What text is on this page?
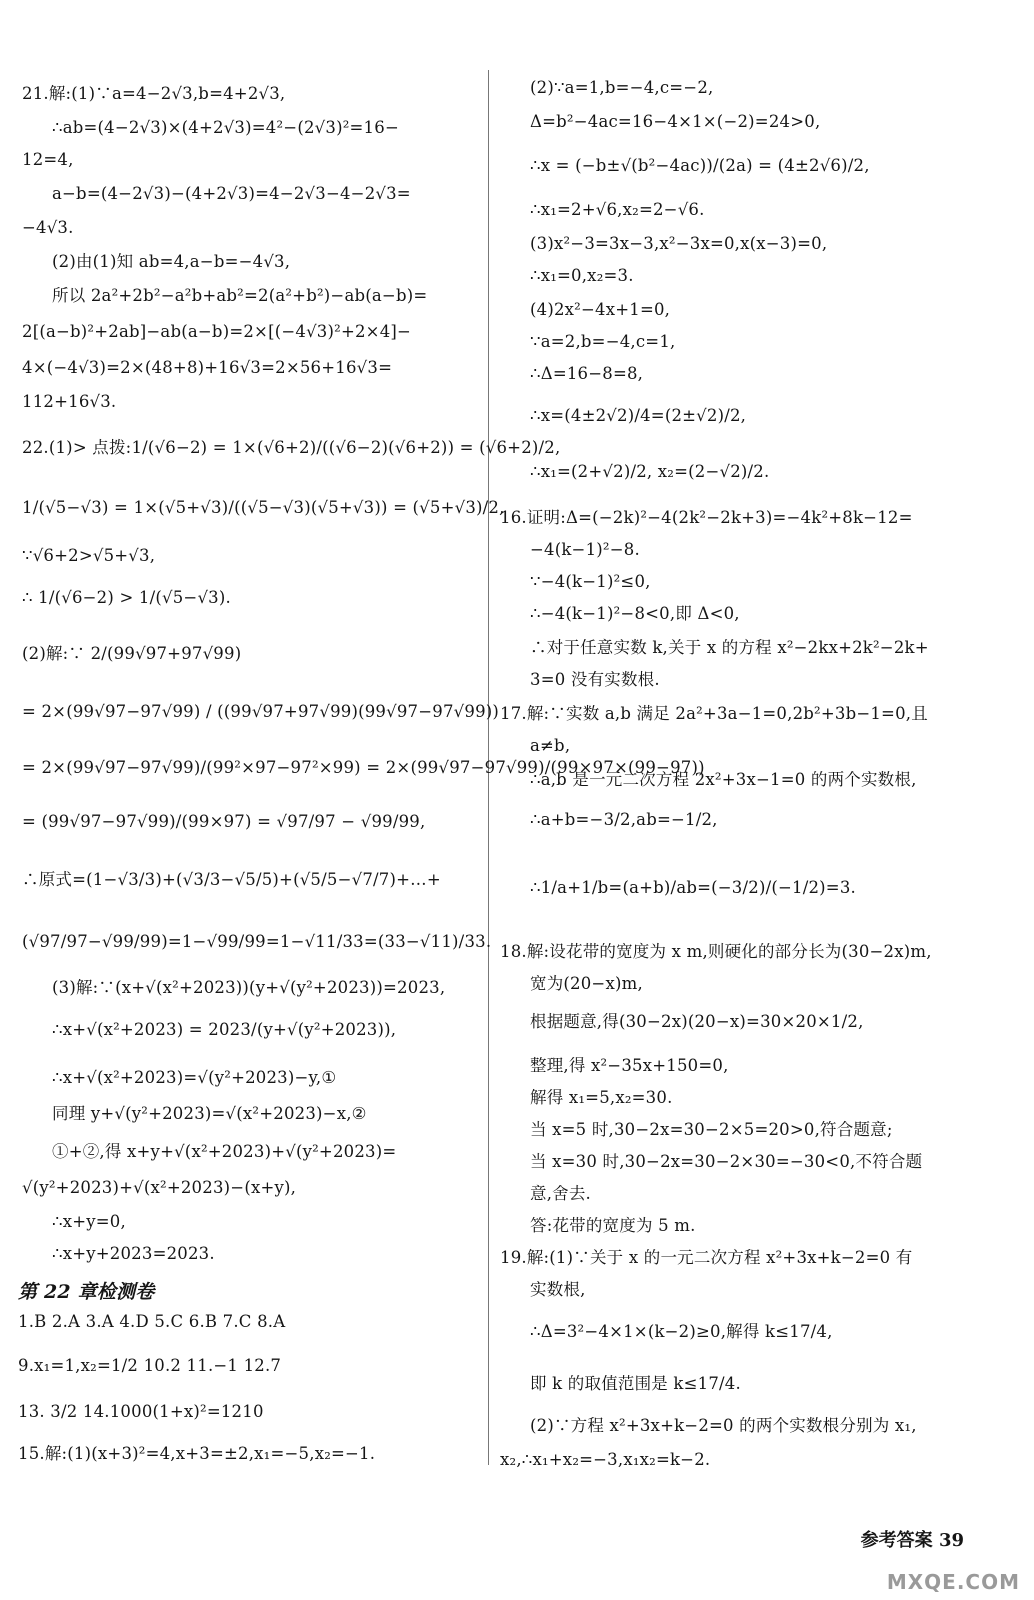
21.解:(1)∵a=4−2√3,b=4+2√3,
∴ab=(4−2√3)×(4+2√3)=4²−(2√3)²=16−
12=4,
a−b=(4−2√3)−(4+2√3)=4−2√3−4−2√3=
−4√3.
(2)由(1)知 ab=4,a−b=−4√3,
所以 2a²+2b²−a²b+ab²=2(a²+b²)−ab(a−b)=
2[(a−b)²+2ab]−ab(a−b)=2×[(−4√3)²+2×4]−
4×(−4√3)=2×(48+8)+16√3=2×56+16√3=
112+16√3.
22.(1)> 点拨:1/(√6−2) = 1×(√6+2)/((√6−2)(√6+2)) = (√6+2)/2,
1/(√5−√3) = 1×(√5+√3)/((√5−√3)(√5+√3)) = (√5+√3)/2,
∵√6+2>√5+√3,
∴ 1/(√6−2) > 1/(√5−√3).
(2)解:∵ 2/(99√97+97√99)
= 2×(99√97−97√99) / ((99√97+97√99)(99√97−97√99))
= 2×(99√97−97√99)/(99²×97−97²×99) = 2×(99√97−97√99)/(99×97×(99−97))
= (99√97−97√99)/(99×97) = √97/97 − √99/99,
∴原式=(1−√3/3)+(√3/3−√5/5)+(√5/5−√7/7)+…+
(√97/97−√99/99)=1−√99/99=1−√11/33=(33−√11)/33.
(3)解:∵(x+√(x²+2023))(y+√(y²+2023))=2023,
∴x+√(x²+2023) = 2023/(y+√(y²+2023)),
∴x+√(x²+2023)=√(y²+2023)−y,①
同理 y+√(y²+2023)=√(x²+2023)−x,②
①+②,得 x+y+√(x²+2023)+√(y²+2023)=
√(y²+2023)+√(x²+2023)−(x+y),
∴x+y=0,
∴x+y+2023=2023.
第 22 章检测卷
1.B 2.A 3.A 4.D 5.C 6.B 7.C 8.A
9.x₁=1,x₂=1/2 10.2 11.−1 12.7
13. 3/2 14.1000(1+x)²=1210
15.解:(1)(x+3)²=4,x+3=±2,x₁=−5,x₂=−1.
(2)∵a=1,b=−4,c=−2,
Δ=b²−4ac=16−4×1×(−2)=24>0,
∴x = (−b±√(b²−4ac))/(2a) = (4±2√6)/2,
∴x₁=2+√6,x₂=2−√6.
(3)x²−3=3x−3,x²−3x=0,x(x−3)=0,
∴x₁=0,x₂=3.
(4)2x²−4x+1=0,
∵a=2,b=−4,c=1,
∴Δ=16−8=8,
∴x=(4±2√2)/4=(2±√2)/2,
∴x₁=(2+√2)/2, x₂=(2−√2)/2.
16.证明:Δ=(−2k)²−4(2k²−2k+3)=−4k²+8k−12=
−4(k−1)²−8.
∵−4(k−1)²≤0,
∴−4(k−1)²−8<0,即 Δ<0,
∴对于任意实数 k,关于 x 的方程 x²−2kx+2k²−2k+
3=0 没有实数根.
17.解:∵实数 a,b 满足 2a²+3a−1=0,2b²+3b−1=0,且
a≠b,
∴a,b 是一元二次方程 2x²+3x−1=0 的两个实数根,
∴a+b=−3/2,ab=−1/2,
∴1/a+1/b=(a+b)/ab=(−3/2)/(−1/2)=3.
18.解:设花带的宽度为 x m,则硬化的部分长为(30−2x)m,
宽为(20−x)m,
根据题意,得(30−2x)(20−x)=30×20×1/2,
整理,得 x²−35x+150=0,
解得 x₁=5,x₂=30.
当 x=5 时,30−2x=30−2×5=20>0,符合题意;
当 x=30 时,30−2x=30−2×30=−30<0,不符合题
意,舍去.
答:花带的宽度为 5 m.
19.解:(1)∵关于 x 的一元二次方程 x²+3x+k−2=0 有
实数根,
∴Δ=3²−4×1×(k−2)≥0,解得 k≤17/4,
即 k 的取值范围是 k≤17/4.
(2)∵方程 x²+3x+k−2=0 的两个实数根分别为 x₁,
x₂,∴x₁+x₂=−3,x₁x₂=k−2.
参考答案 39
MXQE.COM
